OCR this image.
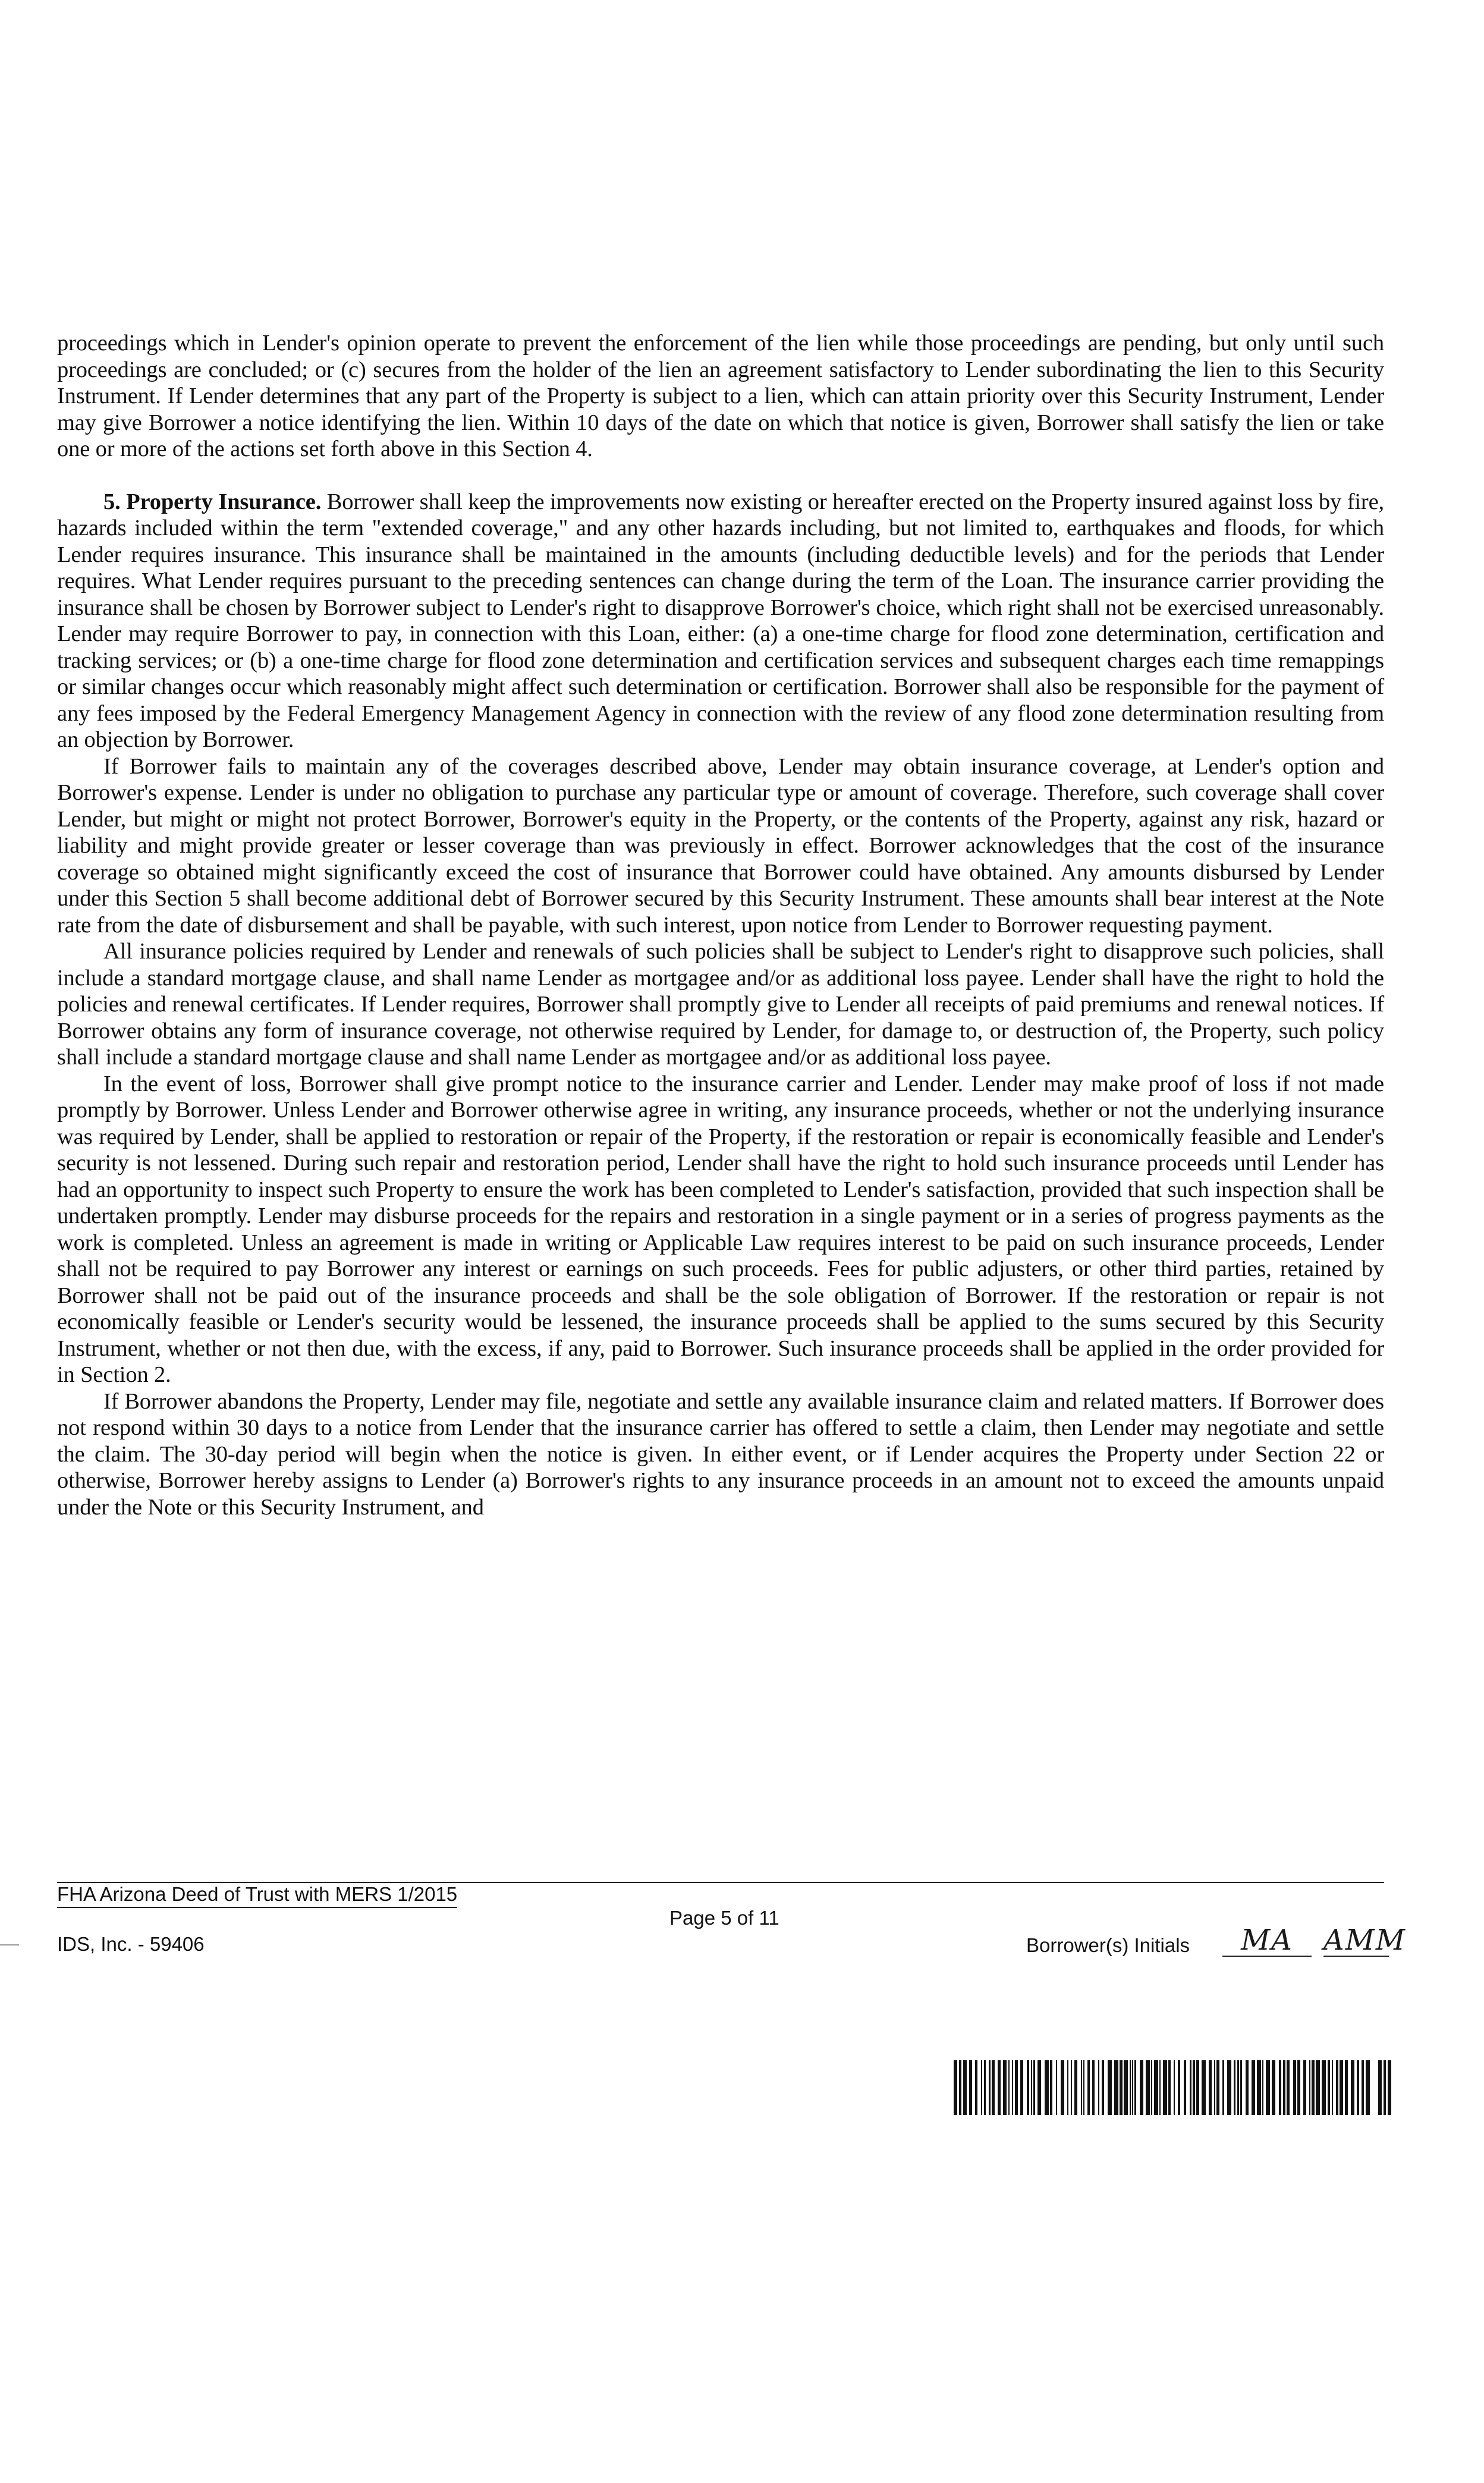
proceedings which in Lender's opinion operate to prevent the enforcement of the lien while those proceedings are pending, but only until such proceedings are concluded; or (c) secures from the holder of the lien an agreement satisfactory to Lender subordinating the lien to this Security Instrument. If Lender determines that any part of the Property is subject to a lien, which can attain priority over this Security Instrument, Lender may give Borrower a notice identifying the lien. Within 10 days of the date on which that notice is given, Borrower shall satisfy the lien or take one or more of the actions set forth above in this Section 4.

5. Property Insurance. Borrower shall keep the improvements now existing or hereafter erected on the Property insured against loss by fire, hazards included within the term "extended coverage," and any other hazards including, but not limited to, earthquakes and floods, for which Lender requires insurance. This insurance shall be maintained in the amounts (including deductible levels) and for the periods that Lender requires. What Lender requires pursuant to the preceding sentences can change during the term of the Loan. The insurance carrier providing the insurance shall be chosen by Borrower subject to Lender's right to disapprove Borrower's choice, which right shall not be exercised unreasonably. Lender may require Borrower to pay, in connection with this Loan, either: (a) a one-time charge for flood zone determination, certification and tracking services; or (b) a one-time charge for flood zone determination and certification services and subsequent charges each time remappings or similar changes occur which reasonably might affect such determination or certification. Borrower shall also be responsible for the payment of any fees imposed by the Federal Emergency Management Agency in connection with the review of any flood zone determination resulting from an objection by Borrower.

If Borrower fails to maintain any of the coverages described above, Lender may obtain insurance coverage, at Lender's option and Borrower's expense. Lender is under no obligation to purchase any particular type or amount of coverage. Therefore, such coverage shall cover Lender, but might or might not protect Borrower, Borrower's equity in the Property, or the contents of the Property, against any risk, hazard or liability and might provide greater or lesser coverage than was previously in effect. Borrower acknowledges that the cost of the insurance coverage so obtained might significantly exceed the cost of insurance that Borrower could have obtained. Any amounts disbursed by Lender under this Section 5 shall become additional debt of Borrower secured by this Security Instrument. These amounts shall bear interest at the Note rate from the date of disbursement and shall be payable, with such interest, upon notice from Lender to Borrower requesting payment.

All insurance policies required by Lender and renewals of such policies shall be subject to Lender's right to disapprove such policies, shall include a standard mortgage clause, and shall name Lender as mortgagee and/or as additional loss payee. Lender shall have the right to hold the policies and renewal certificates. If Lender requires, Borrower shall promptly give to Lender all receipts of paid premiums and renewal notices. If Borrower obtains any form of insurance coverage, not otherwise required by Lender, for damage to, or destruction of, the Property, such policy shall include a standard mortgage clause and shall name Lender as mortgagee and/or as additional loss payee.

In the event of loss, Borrower shall give prompt notice to the insurance carrier and Lender. Lender may make proof of loss if not made promptly by Borrower. Unless Lender and Borrower otherwise agree in writing, any insurance proceeds, whether or not the underlying insurance was required by Lender, shall be applied to restoration or repair of the Property, if the restoration or repair is economically feasible and Lender's security is not lessened. During such repair and restoration period, Lender shall have the right to hold such insurance proceeds until Lender has had an opportunity to inspect such Property to ensure the work has been completed to Lender's satisfaction, provided that such inspection shall be undertaken promptly. Lender may disburse proceeds for the repairs and restoration in a single payment or in a series of progress payments as the work is completed. Unless an agreement is made in writing or Applicable Law requires interest to be paid on such insurance proceeds, Lender shall not be required to pay Borrower any interest or earnings on such proceeds. Fees for public adjusters, or other third parties, retained by Borrower shall not be paid out of the insurance proceeds and shall be the sole obligation of Borrower. If the restoration or repair is not economically feasible or Lender's security would be lessened, the insurance proceeds shall be applied to the sums secured by this Security Instrument, whether or not then due, with the excess, if any, paid to Borrower. Such insurance proceeds shall be applied in the order provided for in Section 2.

If Borrower abandons the Property, Lender may file, negotiate and settle any available insurance claim and related matters. If Borrower does not respond within 30 days to a notice from Lender that the insurance carrier has offered to settle a claim, then Lender may negotiate and settle the claim. The 30-day period will begin when the notice is given. In either event, or if Lender acquires the Property under Section 22 or otherwise, Borrower hereby assigns to Lender (a) Borrower's rights to any insurance proceeds in an amount not to exceed the amounts unpaid under the Note or this Security Instrument, and

FHA Arizona Deed of Trust with MERS 1/2015
IDS, Inc. - 59406
Page 5 of 11
Borrower(s) Initials	MA	AMM
